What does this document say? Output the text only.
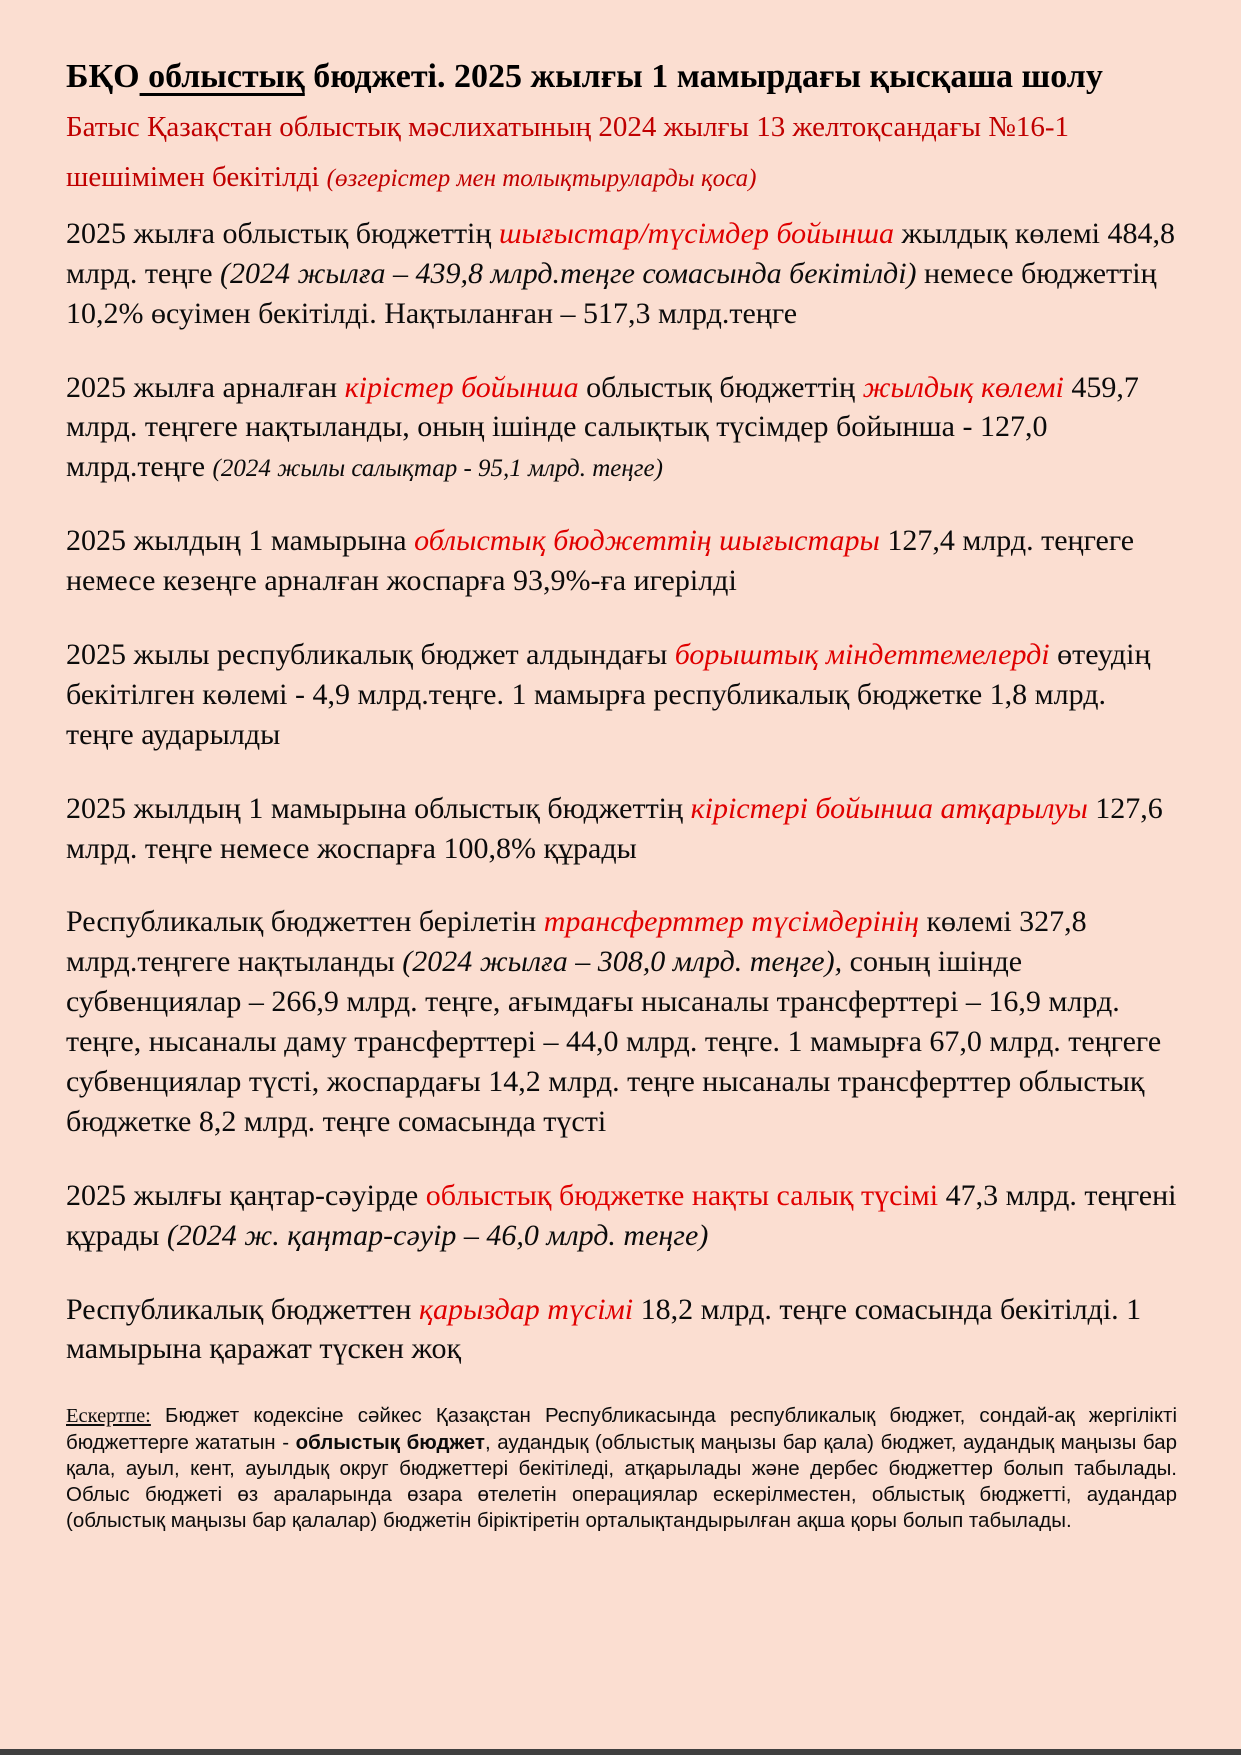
БҚО облыстық бюджеті. 2025 жылғы 1 мамырдағы қысқаша шолу Батыс Қазақстан облыстық мәслихатының 2024 жылғы 13 желтоқсандағы №16-1 шешімімен бекітілді (өзгерістер мен толықтыруларды қоса)

2025 жылға облыстық бюджеттің шығыстар/түсімдер бойынша жылдық көлемі 484,8 млрд. теңге (2024 жылға – 439,8 млрд.теңге сомасында бекітілді) немесе бюджеттің 10,2% өсуімен бекітілді. Нақтыланған – 517,3 млрд.теңге

2025 жылға арналған кірістер бойынша облыстық бюджеттің жылдық көлемі 459,7 млрд. теңгеге нақтыланды, оның ішінде салықтық түсімдер бойынша - 127,0 млрд.теңге (2024 жылы салықтар - 95,1 млрд. теңге)

2025 жылдың 1 мамырына облыстық бюджеттің шығыстары 127,4 млрд. теңгеге немесе кезеңге арналған жоспарға 93,9%-ға игерілді

2025 жылы республикалық бюджет алдындағы борыштық міндеттемелерді өтеудің бекітілген көлемі - 4,9 млрд.теңге. 1 мамырға республикалық бюджетке 1,8 млрд. теңге аударылды

2025 жылдың 1 мамырына облыстық бюджеттің кірістері бойынша атқарылуы 127,6 млрд. теңге немесе жоспарға 100,8% құрады

Республикалық бюджеттен берілетін трансферттер түсімдерінің көлемі 327,8 млрд.теңгеге нақтыланды (2024 жылға – 308,0 млрд. теңге), соның ішінде субвенциялар – 266,9 млрд. теңге, ағымдағы нысаналы трансферттері – 16,9 млрд. теңге, нысаналы даму трансферттері – 44,0 млрд. теңге. 1 мамырға 67,0 млрд. теңгеге субвенциялар түсті, жоспардағы 14,2 млрд. теңге нысаналы трансферттер облыстық бюджетке 8,2 млрд. теңге сомасында түсті

2025 жылғы қаңтар-сәуірде облыстық бюджетке нақты салық түсімі 47,3 млрд. теңгені құрады (2024 ж. қаңтар-сәуір – 46,0 млрд. теңге)

Республикалық бюджеттен қарыздар түсімі 18,2 млрд. теңге сомасында бекітілді. 1 мамырына қаражат түскен жоқ

Ескертпе: Бюджет кодексіне сәйкес Қазақстан Республикасында республикалық бюджет, сондай-ақ жергілікті бюджеттерге жататын - облыстық бюджет, аудандық (облыстық маңызы бар қала) бюджет, аудандық маңызы бар қала, ауыл, кент, ауылдық округ бюджеттері бекітіледі, атқарылады және дербес бюджеттер болып табылады. Облыс бюджеті өз араларында өзара өтелетін операциялар ескерілместен, облыстық бюджетті, аудандар (облыстық маңызы бар қалалар) бюджетін біріктіретін орталықтандырылған ақша қоры болып табылады.
